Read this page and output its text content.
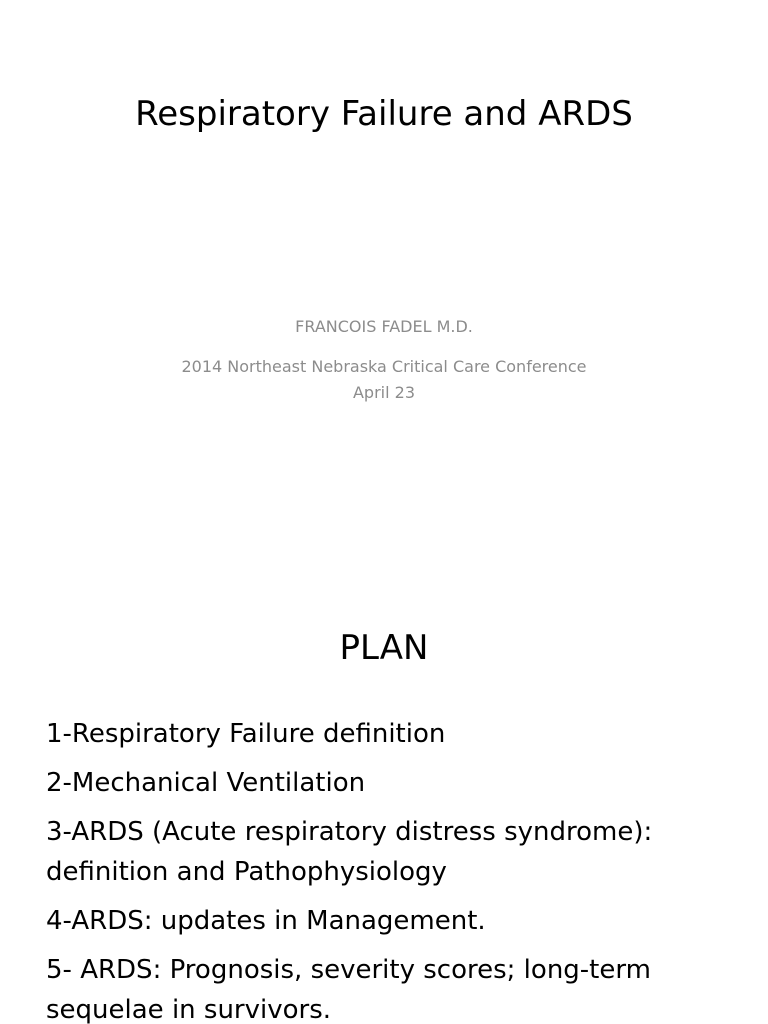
Respiratory Failure and ARDS
FRANCOIS FADEL M.D.
2014 Northeast Nebraska Critical Care Conference
April 23
PLAN
1-Respiratory Failure definition
2-Mechanical Ventilation
3-ARDS (Acute respiratory distress syndrome): definition and Pathophysiology
4-ARDS: updates in Management.
5- ARDS: Prognosis, severity scores; long-term sequelae in survivors.
